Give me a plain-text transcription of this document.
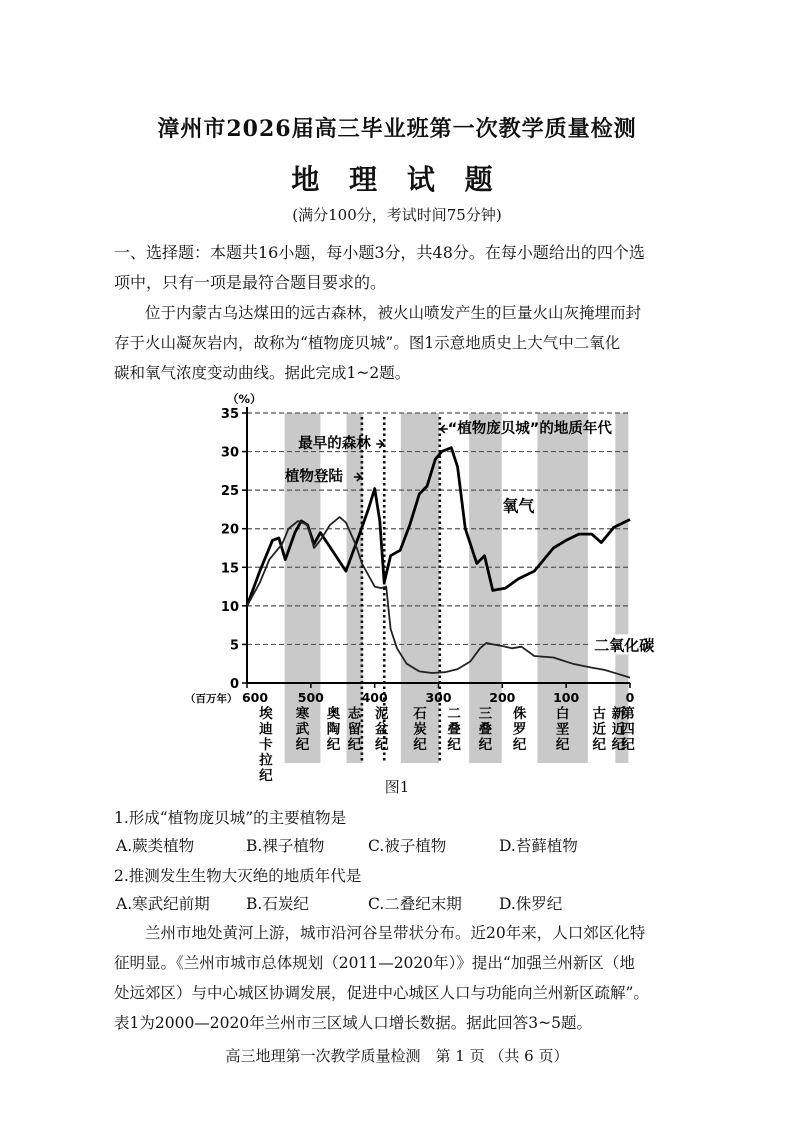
漳州市2026届高三毕业班第一次教学质量检测
地 理 试 题
(满分100分，考试时间75分钟)
一、选择题：本题共16小题，每小题3分，共48分。在每小题给出的四个选
项中，只有一项是最符合题目要求的。
位于内蒙古乌达煤田的远古森林，被火山喷发产生的巨量火山灰掩埋而封
存于火山凝灰岩内，故称为“植物庞贝城”。图1示意地质史上大气中二氧化
碳和氧气浓度变动曲线。据此完成1~2题。
0
5
10
15
20
25
30
35
最早的森林
植物登陆
“植物庞贝城”的地质年代
600 500	400	300	200	100	0
埃迪卡拉纪
寒武纪
奥陶纪
志留纪
泥盆纪
石炭纪
二叠纪
三叠纪
侏罗纪
白垩纪
古近纪
新近纪
第四纪
（%）
（百万年）
氧气
二氧化碳
图1
1.形成“植物庞贝城”的主要植物是
A.蕨类植物	B.裸子植物	C.被子植物	D.苔藓植物
2.推测发生生物大灭绝的地质年代是
A.寒武纪前期 B.石炭纪	C.二叠纪末期 D.侏罗纪
兰州市地处黄河上游，城市沿河谷呈带状分布。近20年来，人口郊区化特
征明显。《兰州市城市总体规划（2011—2020年）》提出“加强兰州新区（地
处远郊区）与中心城区协调发展，促进中心城区人口与功能向兰州新区疏解”。
表1为2000—2020年兰州市三区域人口增长数据。据此回答3~5题。
高三地理第一次教学质量检测　第 1 页 （共 6 页）
